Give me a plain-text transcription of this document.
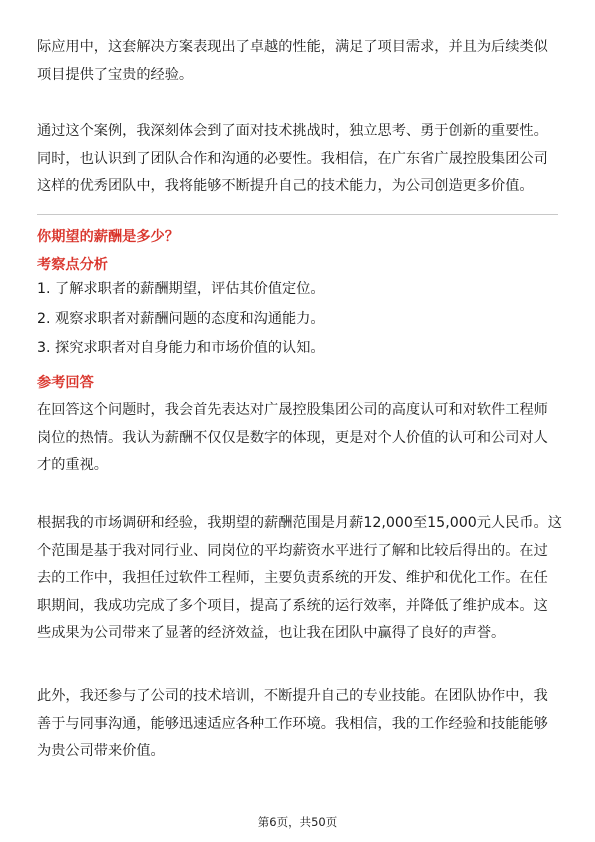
际应用中，这套解决方案表现出了卓越的性能，满足了项目需求，并且为后续类似
项目提供了宝贵的经验。

通过这个案例，我深刻体会到了面对技术挑战时，独立思考、勇于创新的重要性。
同时，也认识到了团队合作和沟通的必要性。我相信，在广东省广晟控股集团公司
这样的优秀团队中，我将能够不断提升自己的技术能力，为公司创造更多价值。

你期望的薪酬是多少？

考察点分析

1. 了解求职者的薪酬期望，评估其价值定位。
2. 观察求职者对薪酬问题的态度和沟通能力。
3. 探究求职者对自身能力和市场价值的认知。

参考回答

在回答这个问题时，我会首先表达对广晟控股集团公司的高度认可和对软件工程师
岗位的热情。我认为薪酬不仅仅是数字的体现，更是对个人价值的认可和公司对人
才的重视。

根据我的市场调研和经验，我期望的薪酬范围是月薪12,000至15,000元人民币。这
个范围是基于我对同行业、同岗位的平均薪资水平进行了解和比较后得出的。在过
去的工作中，我担任过软件工程师，主要负责系统的开发、维护和优化工作。在任
职期间，我成功完成了多个项目，提高了系统的运行效率，并降低了维护成本。这
些成果为公司带来了显著的经济效益，也让我在团队中赢得了良好的声誉。

此外，我还参与了公司的技术培训，不断提升自己的专业技能。在团队协作中，我
善于与同事沟通，能够迅速适应各种工作环境。我相信，我的工作经验和技能能够
为贵公司带来价值。

第6页，共50页
